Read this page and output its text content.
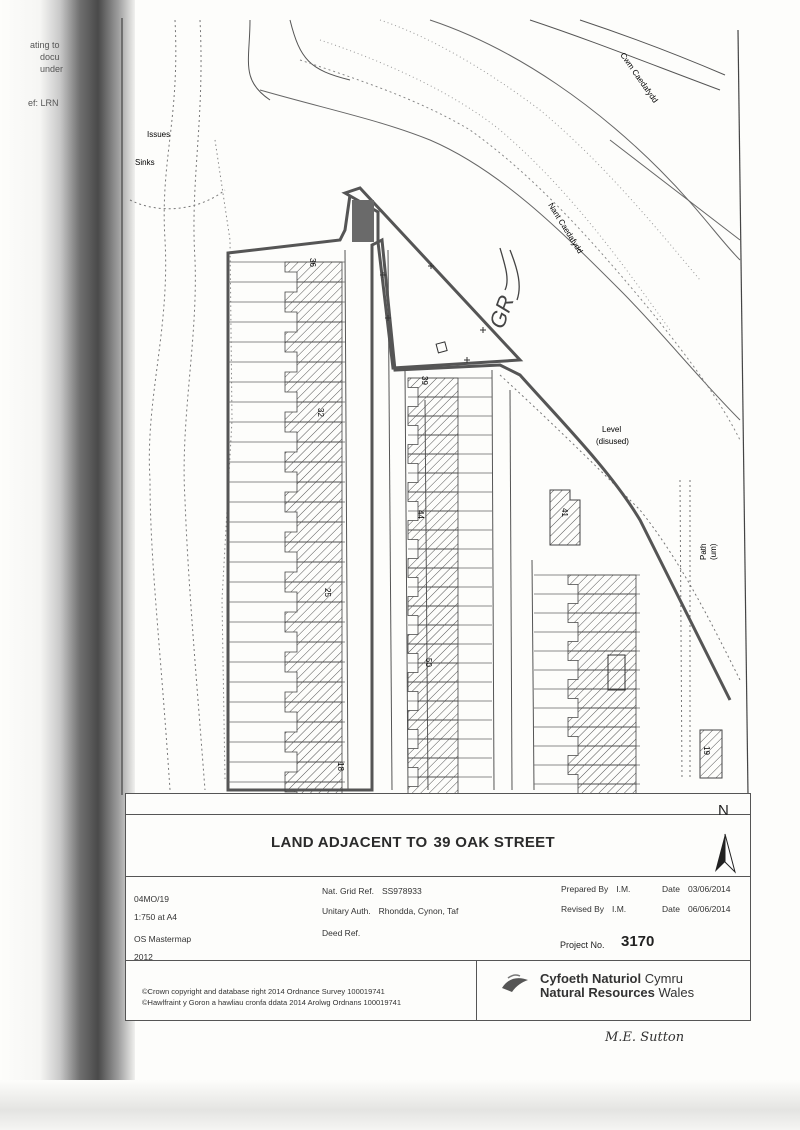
ating to
docu
under
ef: LRN
Issues
Sinks
Cwm Caedafydd
Nant Caedafydd
Level
(disused)
Path (um)
36
32
25
18
39
44
50
41
19
GR
LAND ADJACENT TO 39 OAK STREET
N
04MO/19
1:750 at A4
OS Mastermap
2012
Nat. Grid Ref. SS978933
Unitary Auth. Rhondda, Cynon, Taf
Deed Ref.
Prepared By I.M.	Date 03/06/2014
Revised By I.M.	Date 06/06/2014
Project No. 3170
©Crown copyright and database right 2014 Ordnance Survey 100019741
©Hawlfraint y Goron a hawliau cronfa ddata 2014 Arolwg Ordnans 100019741
Cyfoeth Naturiol Cymru
Natural Resources Wales
M.E. Sutton
